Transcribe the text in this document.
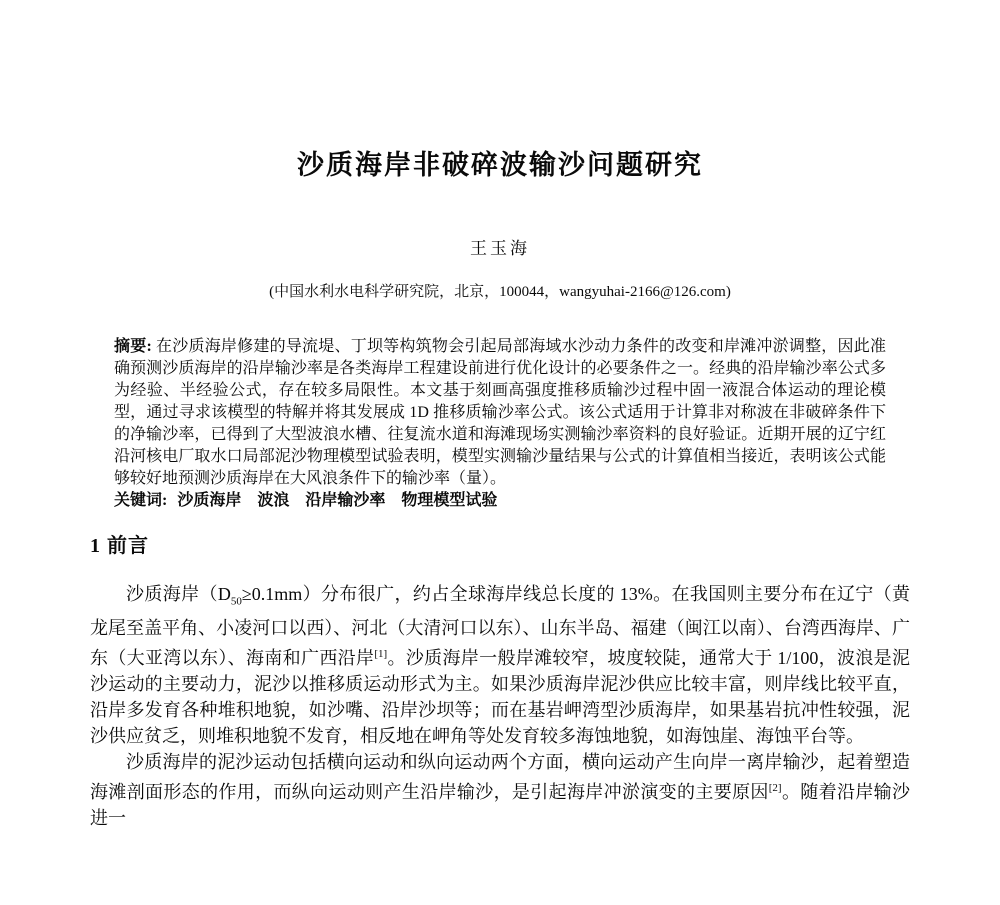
沙质海岸非破碎波输沙问题研究
王玉海
(中国水利水电科学研究院，北京，100044，wangyuhai-2166@126.com)
摘要: 在沙质海岸修建的导流堤、丁坝等构筑物会引起局部海域水沙动力条件的改变和岸滩冲淤调整，因此准确预测沙质海岸的沿岸输沙率是各类海岸工程建设前进行优化设计的必要条件之一。经典的沿岸输沙率公式多为经验、半经验公式，存在较多局限性。本文基于刻画高强度推移质输沙过程中固一液混合体运动的理论模型，通过寻求该模型的特解并将其发展成 1D 推移质输沙率公式。该公式适用于计算非对称波在非破碎条件下的净输沙率，已得到了大型波浪水槽、往复流水道和海滩现场实测输沙率资料的良好验证。近期开展的辽宁红沿河核电厂取水口局部泥沙物理模型试验表明，模型实测输沙量结果与公式的计算值相当接近，表明该公式能够较好地预测沙质海岸在大风浪条件下的输沙率（量）。
关键词: 沙质海岸　波浪　沿岸输沙率　物理模型试验
1 前言

沙质海岸$(D_{50}\ge 0.1mm)$分布很广，约占全球海岸线总长度的 13%。在我国则主要分布在辽宁（黄龙尾至盖平角、小凌河口以西）、河北（大清河口以东）、山东半岛、福建（闽江以南）、台湾西海岸、广东（大亚湾以东）、海南和广西沿岸[1]。沙质海岸一般岸滩较窄，坡度较陡，通常大于 1/100，波浪是泥沙运动的主要动力，泥沙以推移质运动形式为主。如果沙质海岸泥沙供应比较丰富，则岸线比较平直，沿岸多发育各种堆积地貌，如沙嘴、沿岸沙坝等；而在基岩岬湾型沙质海岸，如果基岩抗冲性较强，泥沙供应贫乏，则堆积地貌不发育，相反地在岬角等处发育较多海蚀地貌，如海蚀崖、海蚀平台等。

沙质海岸的泥沙运动包括横向运动和纵向运动两个方面，横向运动产生向岸一离岸输沙，起着塑造海滩剖面形态的作用，而纵向运动则产生沿岸输沙，是引起海岸冲淤演变的主要原因[2]。随着沿岸输沙进一
